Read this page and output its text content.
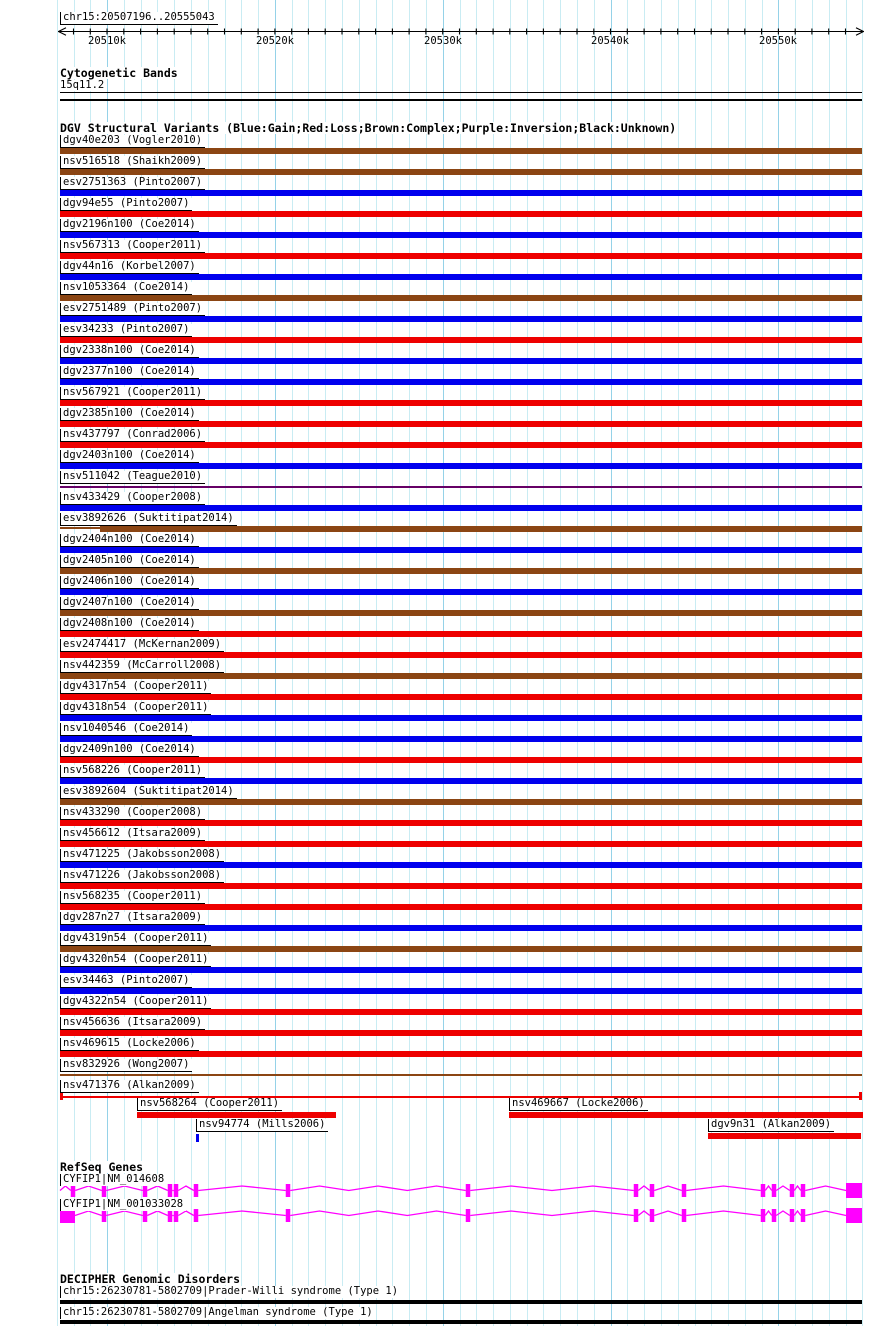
chr15:20507196..20555043
Cytogenetic Bands
15q11.2
DGV Structural Variants (Blue:Gain;Red:Loss;Brown:Complex;Purple:Inversion;Black:Unknown)
RefSeq Genes
DECIPHER Genomic Disorders
20510k	20520k	20530k	20540k	20550k
dgv40e203 (Vogler2010)
nsv516518 (Shaikh2009)
esv2751363 (Pinto2007)
dgv94e55 (Pinto2007)
dgv2196n100 (Coe2014)
nsv567313 (Cooper2011)
dgv44n16 (Korbel2007)
nsv1053364 (Coe2014)
esv2751489 (Pinto2007)
esv34233 (Pinto2007)
dgv2338n100 (Coe2014)
dgv2377n100 (Coe2014)
nsv567921 (Cooper2011)
dgv2385n100 (Coe2014)
nsv437797 (Conrad2006)
dgv2403n100 (Coe2014)
nsv511042 (Teague2010)
nsv433429 (Cooper2008)
esv3892626 (Suktitipat2014)
dgv2404n100 (Coe2014)
dgv2405n100 (Coe2014)
dgv2406n100 (Coe2014)
dgv2407n100 (Coe2014)
dgv2408n100 (Coe2014)
esv2474417 (McKernan2009)
nsv442359 (McCarroll2008)
dgv4317n54 (Cooper2011)
dgv4318n54 (Cooper2011)
nsv1040546 (Coe2014)
dgv2409n100 (Coe2014)
nsv568226 (Cooper2011)
esv3892604 (Suktitipat2014)
nsv433290 (Cooper2008)
nsv456612 (Itsara2009)
nsv471225 (Jakobsson2008)
nsv471226 (Jakobsson2008)
nsv568235 (Cooper2011)
dgv287n27 (Itsara2009)
dgv4319n54 (Cooper2011)
dgv4320n54 (Cooper2011)
esv34463 (Pinto2007)
dgv4322n54 (Cooper2011)
nsv456636 (Itsara2009)
nsv469615 (Locke2006)
nsv832926 (Wong2007)
nsv471376 (Alkan2009)
nsv568264 (Cooper2011)
nsv94774 (Mills2006)
nsv469667 (Locke2006)
dgv9n31 (Alkan2009)
CYFIP1|NM_014608
CYFIP1|NM_001033028
chr15:26230781-5802709|Prader-Willi syndrome (Type 1)
chr15:26230781-5802709|Angelman syndrome (Type 1)
